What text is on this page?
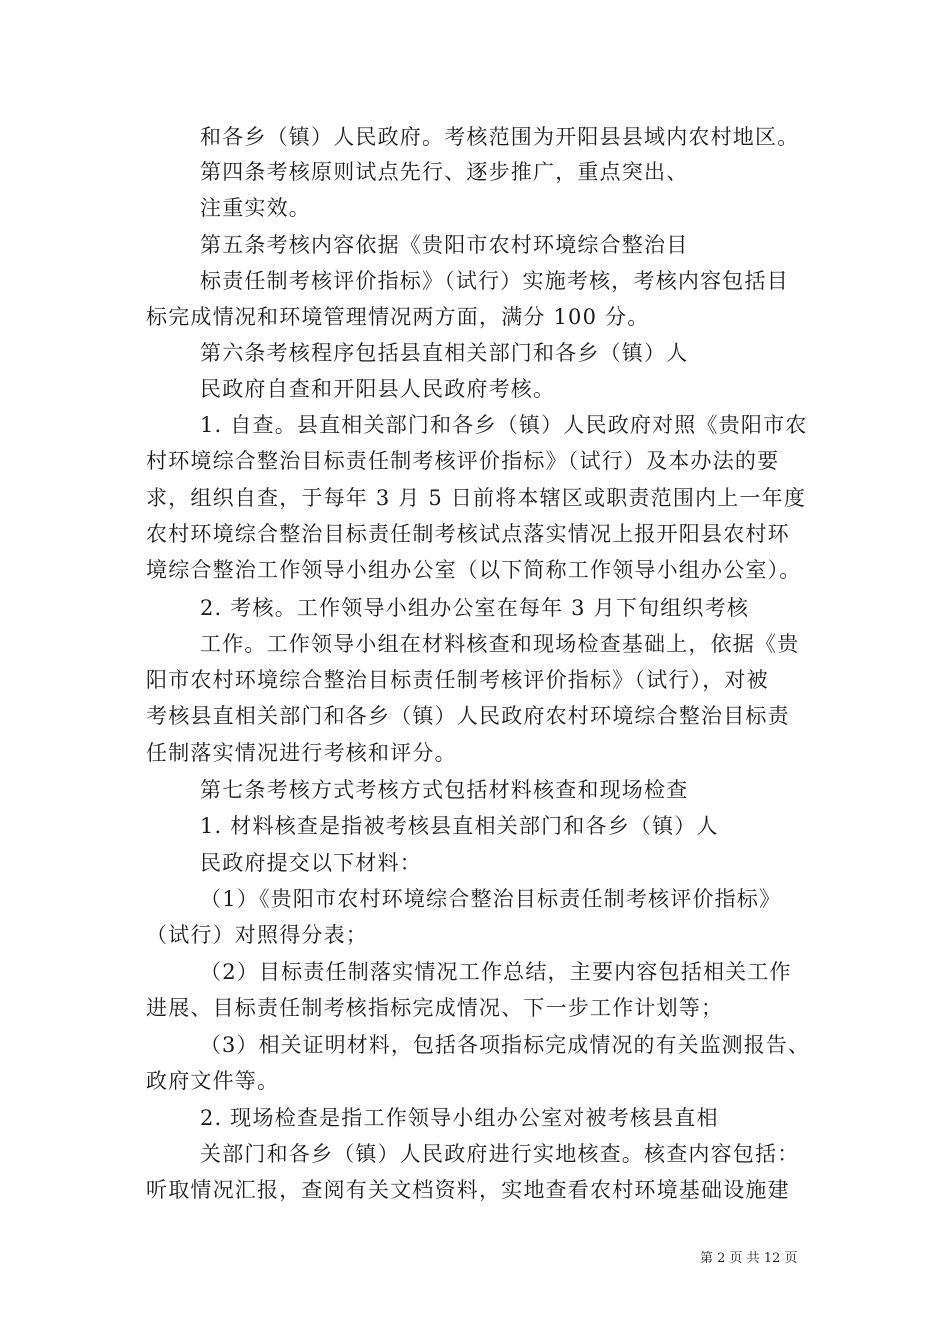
和各乡（镇）人民政府。考核范围为开阳县县域内农村地区。
第四条考核原则试点先行、逐步推广，重点突出、
注重实效。
第五条考核内容依据《贵阳市农村环境综合整治目
标责任制考核评价指标》（试行）实施考核，考核内容包括目
标完成情况和环境管理情况两方面，满分 100 分。
第六条考核程序包括县直相关部门和各乡（镇）人
民政府自查和开阳县人民政府考核。
1. 自查。县直相关部门和各乡（镇）人民政府对照《贵阳市农
村环境综合整治目标责任制考核评价指标》（试行）及本办法的要
求，组织自查，于每年 3 月 5 日前将本辖区或职责范围内上一年度
农村环境综合整治目标责任制考核试点落实情况上报开阳县农村环
境综合整治工作领导小组办公室（以下简称工作领导小组办公室）。
2. 考核。工作领导小组办公室在每年 3 月下旬组织考核
工作。工作领导小组在材料核查和现场检查基础上，依据《贵
阳市农村环境综合整治目标责任制考核评价指标》（试行），对被
考核县直相关部门和各乡（镇）人民政府农村环境综合整治目标责
任制落实情况进行考核和评分。
第七条考核方式考核方式包括材料核查和现场检查
1. 材料核查是指被考核县直相关部门和各乡（镇）人
民政府提交以下材料：
（1）《贵阳市农村环境综合整治目标责任制考核评价指标》
（试行）对照得分表；
（2）目标责任制落实情况工作总结，主要内容包括相关工作
进展、目标责任制考核指标完成情况、下一步工作计划等；
（3）相关证明材料，包括各项指标完成情况的有关监测报告、
政府文件等。
2. 现场检查是指工作领导小组办公室对被考核县直相
关部门和各乡（镇）人民政府进行实地核查。核查内容包括：
听取情况汇报，查阅有关文档资料，实地查看农村环境基础设施建
第 2 页 共 12 页
